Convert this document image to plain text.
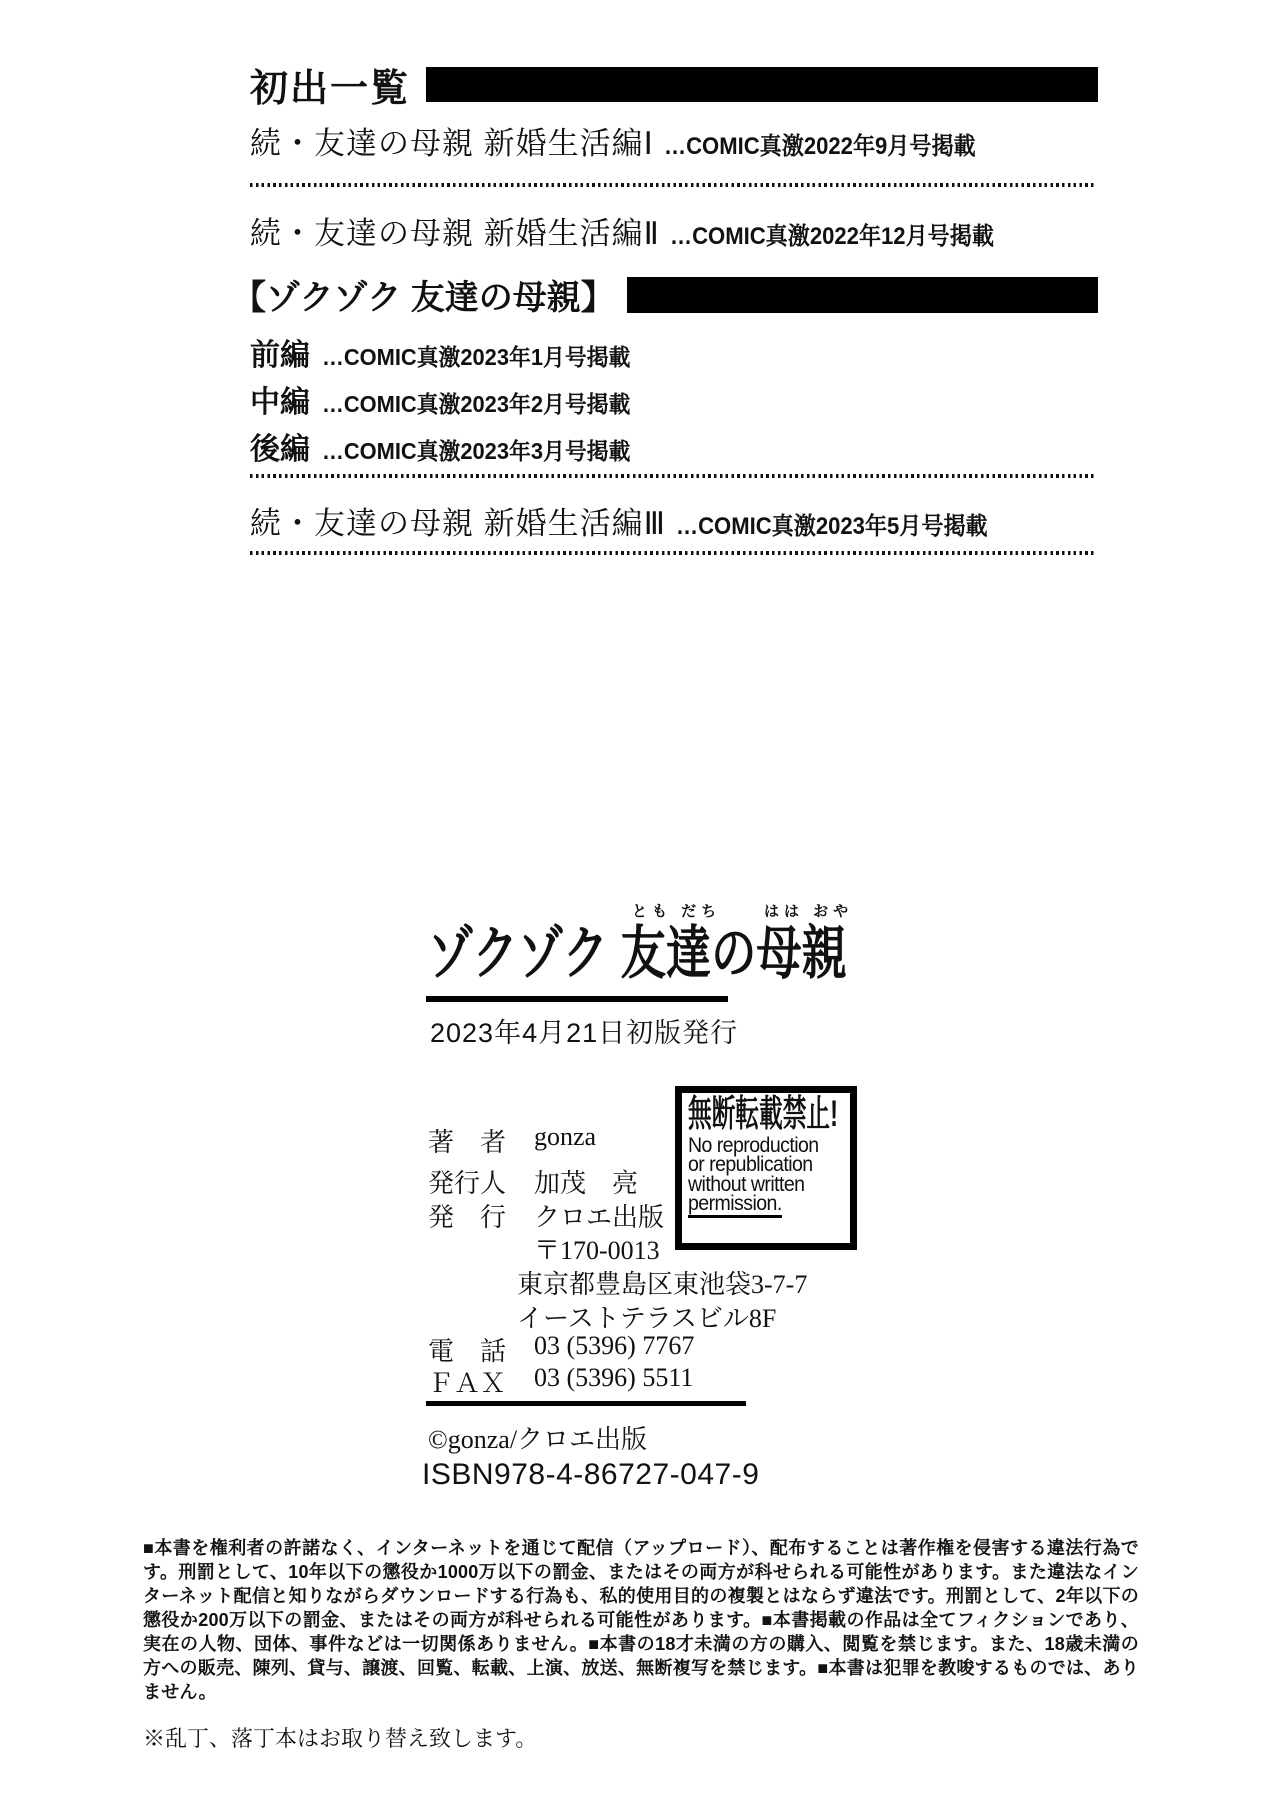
初出一覧
続・友達の母親 新婚生活編Ⅰ …COMIC真激2022年9月号掲載
続・友達の母親 新婚生活編Ⅱ …COMIC真激2022年12月号掲載
【ゾクゾク 友達の母親】
前編 …COMIC真激2023年1月号掲載
中編 …COMIC真激2023年2月号掲載
後編 …COMIC真激2023年3月号掲載
続・友達の母親 新婚生活編Ⅲ …COMIC真激2023年5月号掲載
とも だち	はは おや
ゾクゾク 友達の母親
2023年4月21日初版発行
著　者	gonza
発行人	加茂　亮
発　行	クロエ出版
〒170-0013
東京都豊島区東池袋3-7-7
イーストテラスビル8F
電　話	03 (5396) 7767
ＦＡＸ	03 (5396) 5511
無断転載禁止!
No reproduction
or republication
without written
permission.
©gonza/クロエ出版
ISBN978-4-86727-047-9
■本書を権利者の許諾なく、インターネットを通じて配信（アップロード）、配布することは著作権を侵害する違法行為です。刑罰として、10年以下の懲役か1000万以下の罰金、またはその両方が科せられる可能性があります。また違法なインターネット配信と知りながらダウンロードする行為も、私的使用目的の複製とはならず違法です。刑罰として、2年以下の懲役か200万以下の罰金、またはその両方が科せられる可能性があります。■本書掲載の作品は全てフィクションであり、実在の人物、団体、事件などは一切関係ありません。■本書の18才未満の方の購入、閲覧を禁じます。また、18歳未満の方への販売、陳列、貸与、譲渡、回覧、転載、上演、放送、無断複写を禁じます。■本書は犯罪を教唆するものでは、ありません。
※乱丁、落丁本はお取り替え致します。
